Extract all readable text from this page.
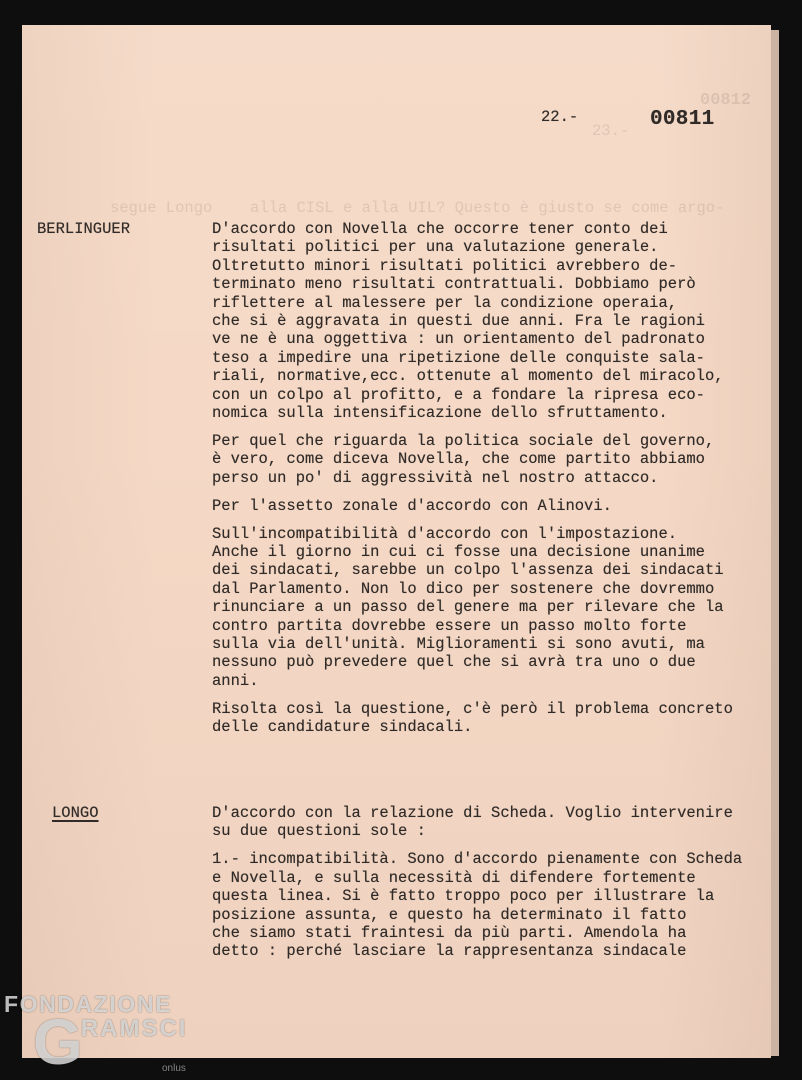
00812
23.-
segue Longo alla CISL e alla UIL? Questo è giusto se come argo-
22.-	00811
BERLINGUER	D'accordo con Novella che occorre tener conto dei
risultati politici per una valutazione generale.
Oltretutto minori risultati politici avrebbero de-
terminato meno risultati contrattuali. Dobbiamo però
riflettere al malessere per la condizione operaia,
che si è aggravata in questi due anni. Fra le ragioni
ve ne è una oggettiva : un orientamento del padronato
teso a impedire una ripetizione delle conquiste sala-
riali, normative,ecc. ottenute al momento del miracolo,
con un colpo al profitto, e a fondare la ripresa eco-
nomica sulla intensificazione dello sfruttamento.
Per quel che riguarda la politica sociale del governo,
è vero, come diceva Novella, che come partito abbiamo
perso un po' di aggressività nel nostro attacco.
Per l'assetto zonale d'accordo con Alinovi.
Sull'incompatibilità d'accordo con l'impostazione.
Anche il giorno in cui ci fosse una decisione unanime
dei sindacati, sarebbe un colpo l'assenza dei sindacati
dal Parlamento. Non lo dico per sostenere che dovremmo
rinunciare a un passo del genere ma per rilevare che la
contro partita dovrebbe essere un passo molto forte
sulla via dell'unità. Miglioramenti si sono avuti, ma
nessuno può prevedere quel che si avrà tra uno o due
anni.
Risolta così la questione, c'è però il problema concreto
delle candidature sindacali.
LONGO	D'accordo con la relazione di Scheda. Voglio intervenire
su due questioni sole :
1.- incompatibilità. Sono d'accordo pienamente con Scheda
e Novella, e sulla necessità di difendere fortemente
questa linea. Si è fatto troppo poco per illustrare la
posizione assunta, e questo ha determinato il fatto
che siamo stati fraintesi da più parti. Amendola ha
detto : perché lasciare la rappresentanza sindacale
FONDAZIONE
GRAMSCI
onlus
